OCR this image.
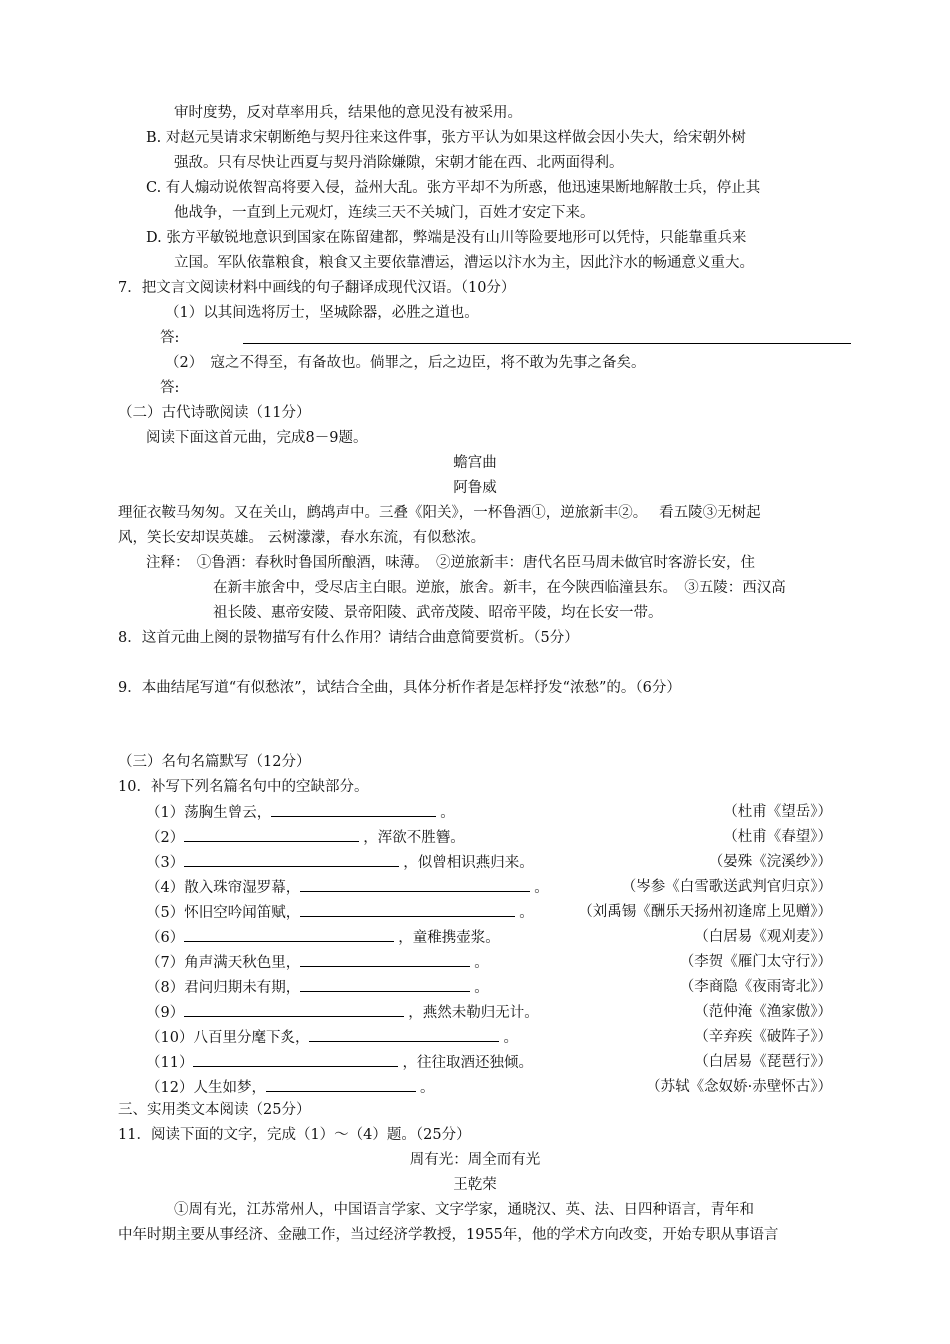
审时度势，反对草率用兵，结果他的意见没有被采用。
B. 对赵元昊请求宋朝断绝与契丹往来这件事，张方平认为如果这样做会因小失大，给宋朝外树
强敌。只有尽快让西夏与契丹消除嫌隙，宋朝才能在西、北两面得利。
C. 有人煽动说侬智高将要入侵，益州大乱。张方平却不为所惑，他迅速果断地解散士兵，停止其
他战争，一直到上元观灯，连续三天不关城门，百姓才安定下来。
D. 张方平敏锐地意识到国家在陈留建都，弊端是没有山川等险要地形可以凭恃，只能靠重兵来
立国。军队依靠粮食，粮食又主要依靠漕运，漕运以汴水为主，因此汴水的畅通意义重大。
7．把文言文阅读材料中画线的句子翻译成现代汉语。（10分）
（1）以其间选将厉士，坚城除器，必胜之道也。
答:
（2）　寇之不得至，有备故也。倘罪之，后之边臣，将不敢为先事之备矣。
答:
（二）古代诗歌阅读（11分）
阅读下面这首元曲，完成8－9题。
蟾宫曲
阿鲁威
理征衣鞍马匆匆。又在关山，鹧鸪声中。三叠《阳关》，一杯鲁酒①，逆旅新丰②。　 看五陵③无树起
风，笑长安却误英雄。 云树濛濛，春水东流，有似愁浓。
注释：　①鲁酒：春秋时鲁国所酿酒，味薄。　②逆旅新丰：唐代名臣马周未做官时客游长安，住
在新丰旅舍中，受尽店主白眼。逆旅，旅舍。新丰，在今陕西临潼县东。　③五陵：西汉高
祖长陵、惠帝安陵、景帝阳陵、武帝茂陵、昭帝平陵，均在长安一带。
8．这首元曲上阕的景物描写有什么作用？请结合曲意简要赏析。（5分）
9．本曲结尾写道“有似愁浓”，试结合全曲，具体分析作者是怎样抒发“浓愁”的。（6分）
（三）名句名篇默写（12分）
10．补写下列名篇名句中的空缺部分。
（1）荡胸生曾云，	。	（杜甫《望岳》）
（2）	，浑欲不胜簪。	（杜甫《春望》）
（3）	，似曾相识燕归来。	（晏殊《浣溪纱》）
（4）散入珠帘湿罗幕，	。	（岑参《白雪歌送武判官归京》）
（5）怀旧空吟闻笛赋，	。	（刘禹锡《酬乐天扬州初逢席上见赠》）
（6）	，童稚携壶浆。	（白居易《观刈麦》）
（7）角声满天秋色里，	。	（李贺《雁门太守行》）
（8）君问归期未有期，	。	（李商隐《夜雨寄北》）
（9）	，燕然未勒归无计。	（范仲淹《渔家傲》）
（10）八百里分麾下炙，	。	（辛弃疾《破阵子》）
（11）	，往往取酒还独倾。	（白居易《琵琶行》）
（12）人生如梦，	。	（苏轼《念奴娇·赤壁怀古》）
三、实用类文本阅读（25分）
11．阅读下面的文字，完成（1）～（4）题。（25分）
周有光：周全而有光
王乾荣
①周有光，江苏常州人，中国语言学家、文字学家，通晓汉、英、法、日四种语言，青年和
中年时期主要从事经济、金融工作，当过经济学教授，1955年，他的学术方向改变，开始专职从事语言
